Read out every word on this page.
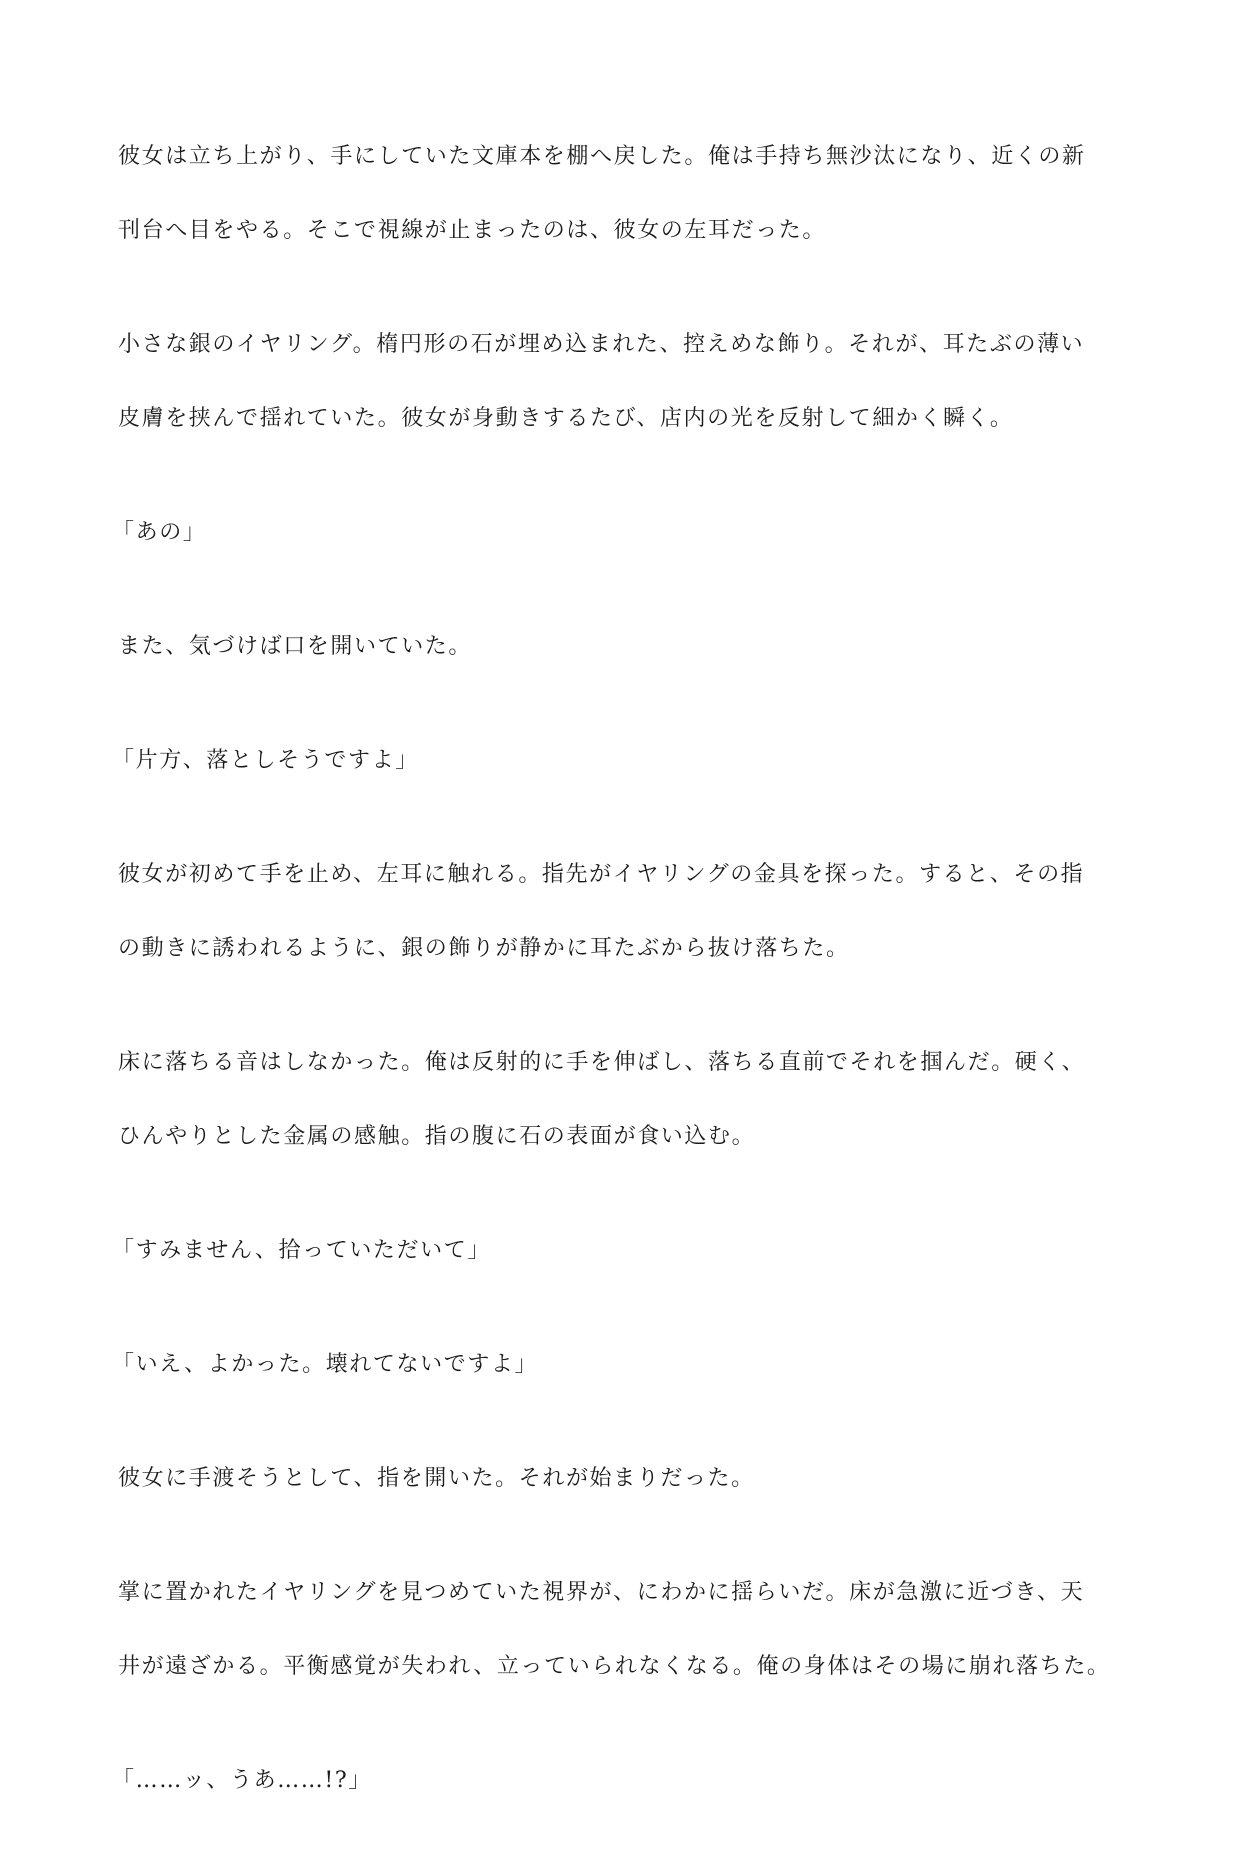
彼女は立ち上がり、手にしていた文庫本を棚へ戻した。俺は手持ち無沙汰になり、近くの新
刊台へ目をやる。そこで視線が止まったのは、彼女の左耳だった。

小さな銀のイヤリング。楕円形の石が埋め込まれた、控えめな飾り。それが、耳たぶの薄い
皮膚を挟んで揺れていた。彼女が身動きするたび、店内の光を反射して細かく瞬く。

「あの」

また、気づけば口を開いていた。

「片方、落としそうですよ」

彼女が初めて手を止め、左耳に触れる。指先がイヤリングの金具を探った。すると、その指
の動きに誘われるように、銀の飾りが静かに耳たぶから抜け落ちた。

床に落ちる音はしなかった。俺は反射的に手を伸ばし、落ちる直前でそれを掴んだ。硬く、
ひんやりとした金属の感触。指の腹に石の表面が食い込む。

「すみません、拾っていただいて」

「いえ、よかった。壊れてないですよ」

彼女に手渡そうとして、指を開いた。それが始まりだった。

掌に置かれたイヤリングを見つめていた視界が、にわかに揺らいだ。床が急激に近づき、天
井が遠ざかる。平衡感覚が失われ、立っていられなくなる。俺の身体はその場に崩れ落ちた。

「……ッ、うあ……!?」
